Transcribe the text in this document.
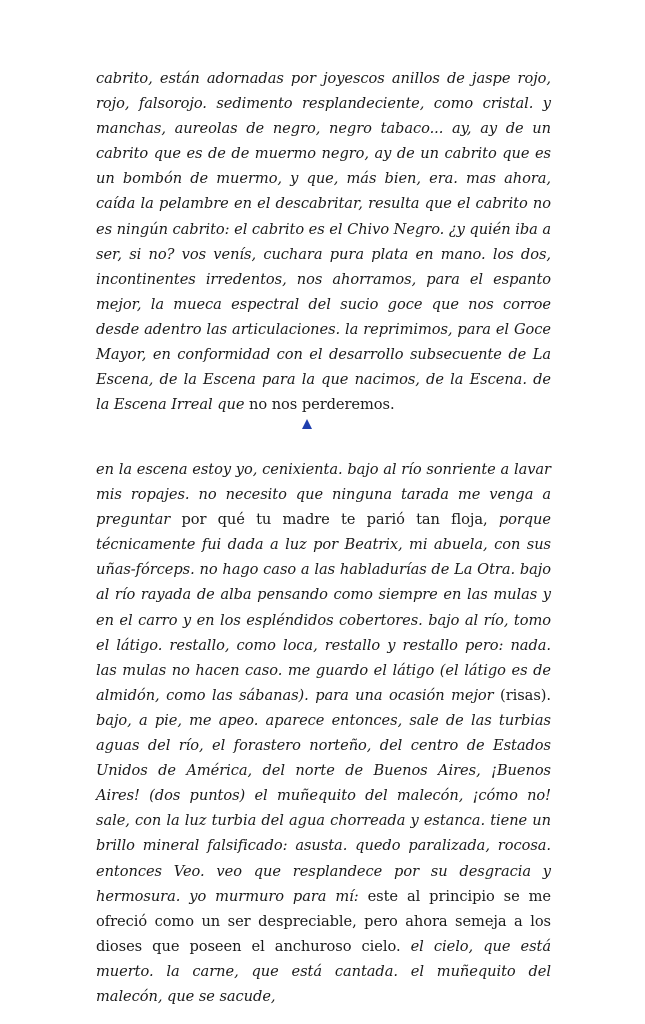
cabrito, están adornadas por joyescos anillos de jaspe rojo, rojo, falsorojo. sedimento resplandeciente, como cristal. y manchas, aureolas de negro, negro tabaco... ay, ay de un cabrito que es de de muermo negro, ay de un cabrito que es un bombón de muermo, y que, más bien, era. mas ahora, caída la pelambre en el descabritar, resulta que el cabrito no es ningún cabrito: el cabrito es el Chivo Negro. ¿y quién iba a ser, si no? vos venís, cuchara pura plata en mano. los dos, incontinentes irredentos, nos ahorramos, para el espanto mejor, la mueca espectral del sucio goce que nos corroe desde adentro las articulaciones. la reprimimos, para el Goce Mayor, en conformidad con el desarrollo subsecuente de La Escena, de la Escena para la que nacimos, de la Escena. de la Escena Irreal que no nos perderemos.

en la escena estoy yo, cenixienta. bajo al río sonriente a lavar mis ropajes. no necesito que ninguna tarada me venga a preguntar por qué tu madre te parió tan floja, porque técnicamente fui dada a luz por Beatrix, mi abuela, con sus uñas-fórceps. no hago caso a las habladurías de La Otra. bajo al río rayada de alba pensando como siempre en las mulas y en el carro y en los espléndidos cobertores. bajo al río, tomo el látigo. restallo, como loca, restallo y restallo pero: nada. las mulas no hacen caso. me guardo el látigo (el látigo es de almidón, como las sábanas). para una ocasión mejor (risas). bajo, a pie, me apeo. aparece entonces, sale de las turbias aguas del río, el forastero norteño, del centro de Estados Unidos de América, del norte de Buenos Aires, ¡Buenos Aires! (dos puntos) el muñequito del malecón, ¡cómo no! sale, con la luz turbia del agua chorreada y estanca. tiene un brillo mineral falsificado: asusta. quedo paralizada, rocosa. entonces Veo. veo que resplandece por su desgracia y hermosura. yo murmuro para mí: este al principio se me ofreció como un ser despreciable, pero ahora semeja a los dioses que poseen el anchuroso cielo. el cielo, que está muerto. la carne, que está cantada. el muñequito del malecón, que se sacude,
